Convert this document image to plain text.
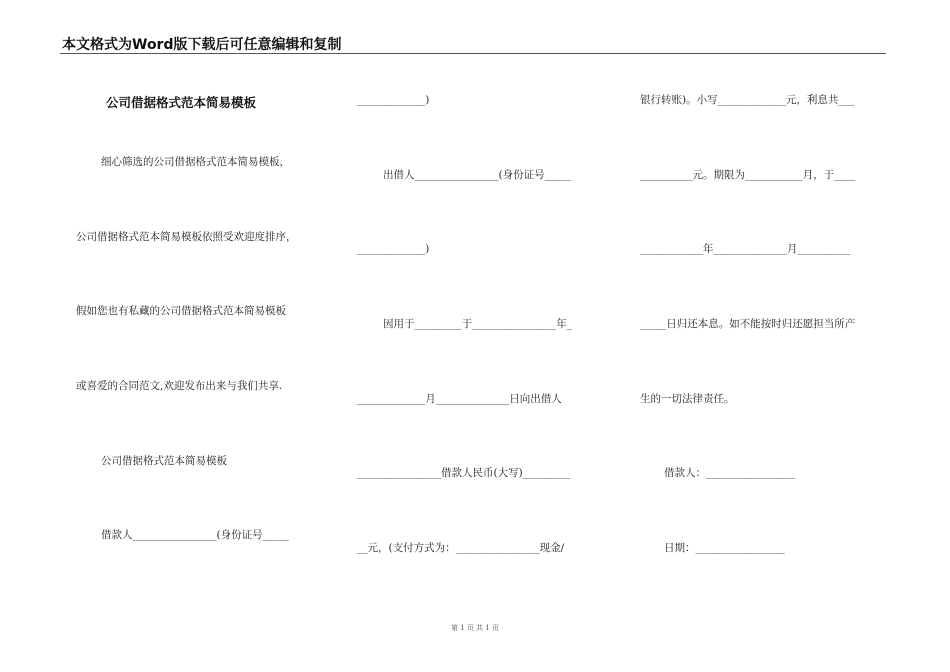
本文格式为Word版下载后可任意编辑和复制
公司借据格式范本简易模板
细心筛选的公司借据格式范本简易模板，
公司借据格式范本简易模板依照受欢迎度排序，
假如您也有私藏的公司借据格式范本简易模板
或喜爱的合同范文,欢迎发布出来与我们共享.
公司借据格式范本简易模板
借款人________________(身份证号_____
_____________)
出借人________________(身份证号_____
_____________)
因用于_________于________________年_
_____________月______________日向出借人
________________借款人民币(大写)_________
__元，(支付方式为：________________现金/
银行转账)。小写_____________元，利息共___
__________元。期限为___________月，于____
____________年______________月__________
_____日归还本息。如不能按时归还愿担当所产
生的一切法律责任。
借款人：_________________
日期：_________________
第 1 页 共 1 页
